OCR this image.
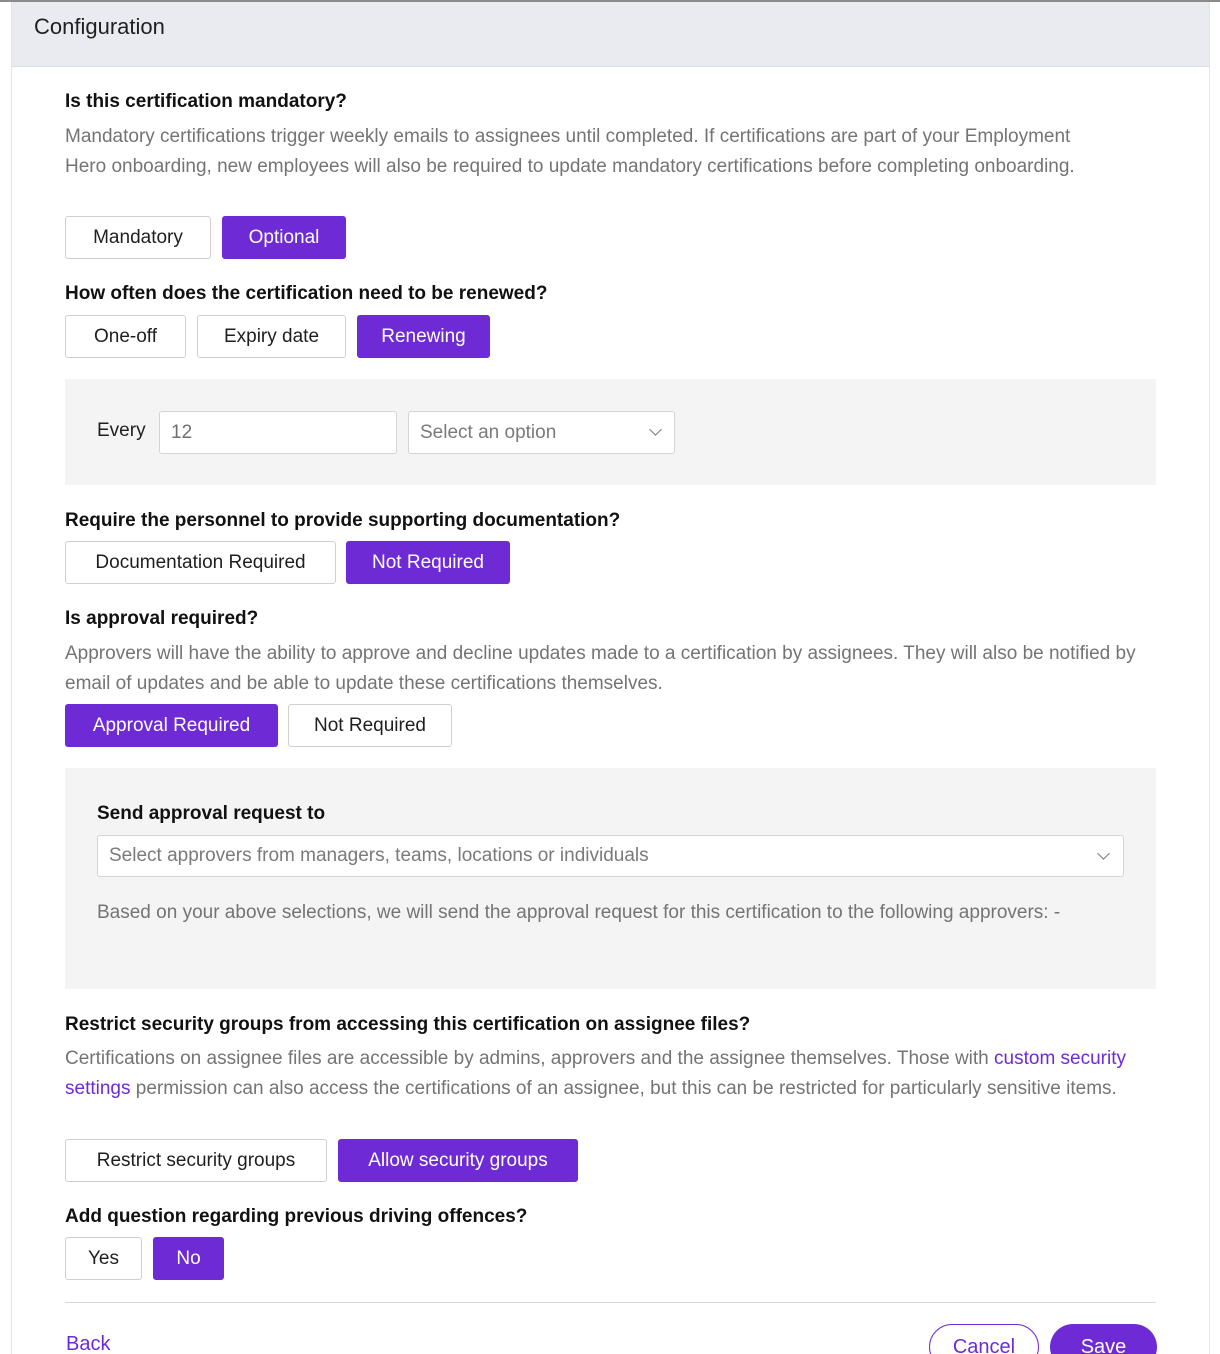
Configuration
Is this certification mandatory?
Mandatory certifications trigger weekly emails to assignees until completed. If certifications are part of your Employment Hero onboarding, new employees will also be required to update mandatory certifications before completing onboarding.
Mandatory	Optional
How often does the certification need to be renewed?
One-off	Expiry date	Renewing
Every	12	Select an option
Require the personnel to provide supporting documentation?
Documentation Required	Not Required
Is approval required?
Approvers will have the ability to approve and decline updates made to a certification by assignees. They will also be notified by email of updates and be able to update these certifications themselves.
Approval Required	Not Required
Send approval request to
Select approvers from managers, teams, locations or individuals
Based on your above selections, we will send the approval request for this certification to the following approvers: -
Restrict security groups from accessing this certification on assignee files?
Certifications on assignee files are accessible by admins, approvers and the assignee themselves. Those with custom security settings permission can also access the certifications of an assignee, but this can be restricted for particularly sensitive items.
Restrict security groups	Allow security groups
Add question regarding previous driving offences?
Yes	No
Back	Cancel	Save
